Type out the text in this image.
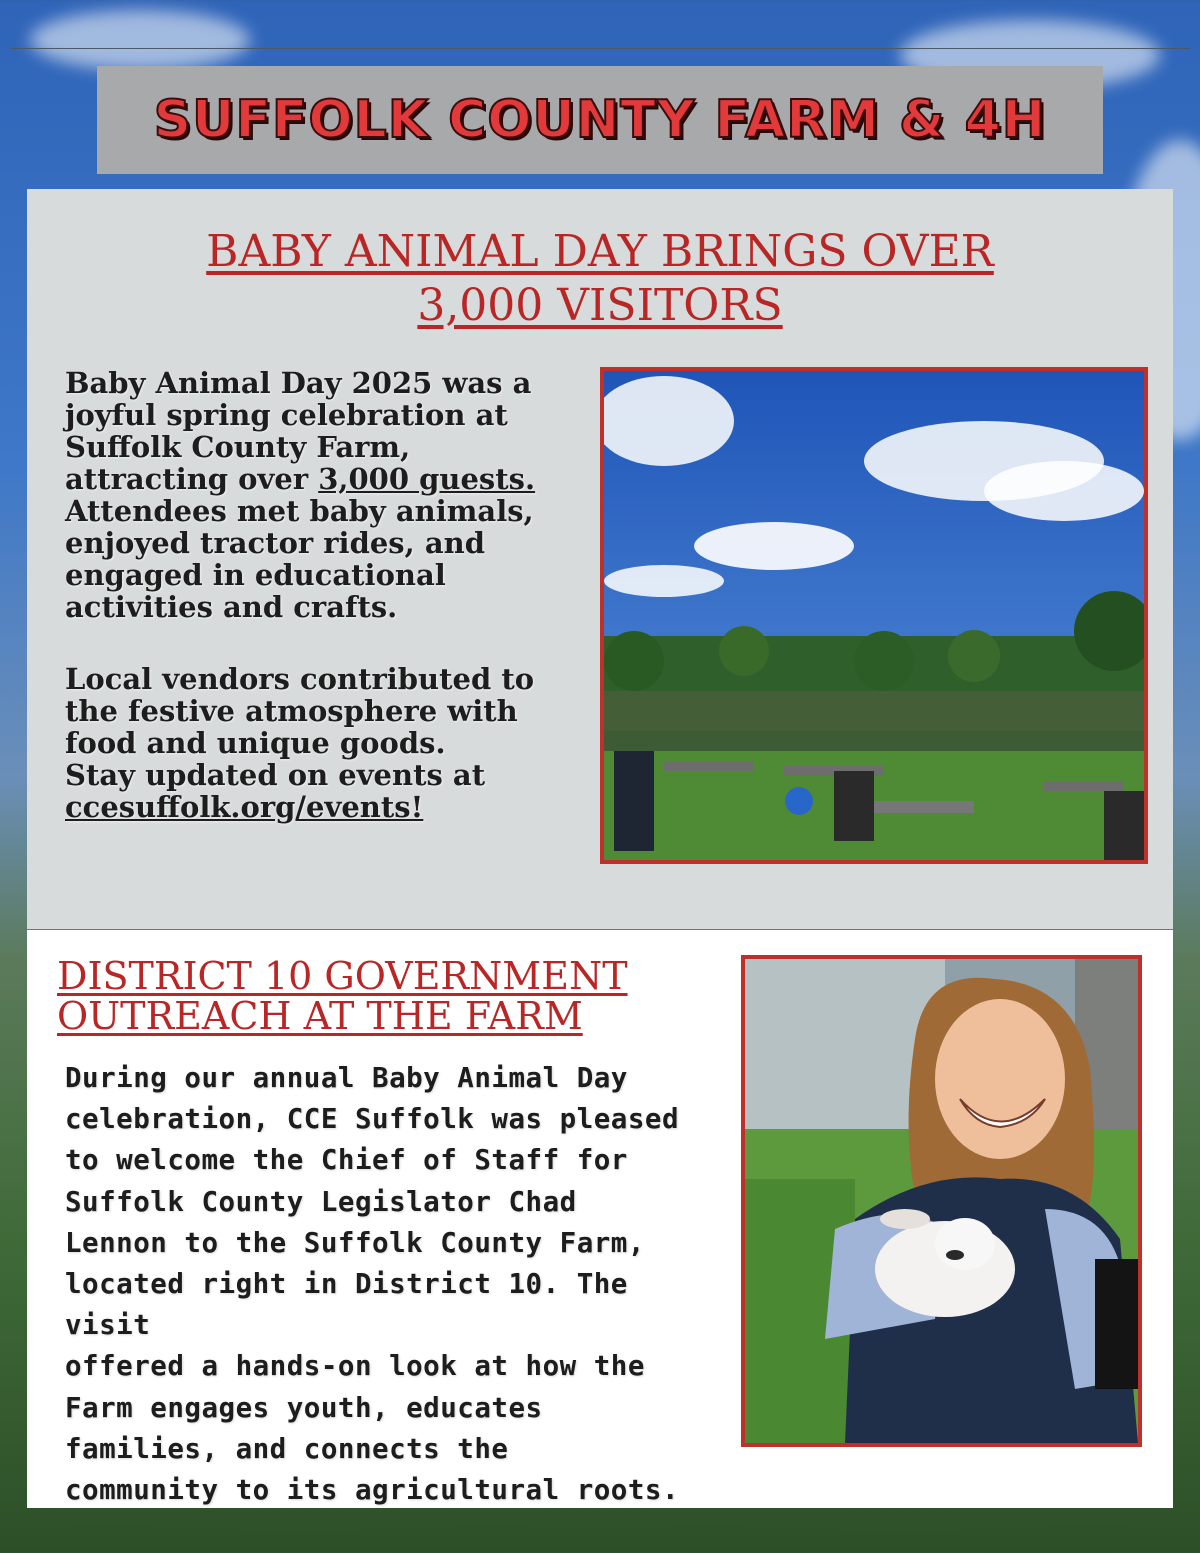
SUFFOLK COUNTY FARM & 4H
BABY ANIMAL DAY BRINGS OVER
3,000 VISITORS
Baby Animal Day 2025 was a
joyful spring celebration at
Suffolk County Farm,
attracting over 3,000 guests.
Attendees met baby animals,
enjoyed tractor rides, and
engaged in educational
activities and crafts.
Local vendors contributed to
the festive atmosphere with
food and unique goods.
Stay updated on events at
ccesuffolk.org/events!
DISTRICT 10 GOVERNMENT
OUTREACH AT THE FARM
During our annual Baby Animal Day
celebration, CCE Suffolk was pleased
to welcome the Chief of Staff for
Suffolk County Legislator Chad
Lennon to the Suffolk County Farm,
located right in District 10. The visit
offered a hands-on look at how the
Farm engages youth, educates
families, and connects the
community to its agricultural roots.
